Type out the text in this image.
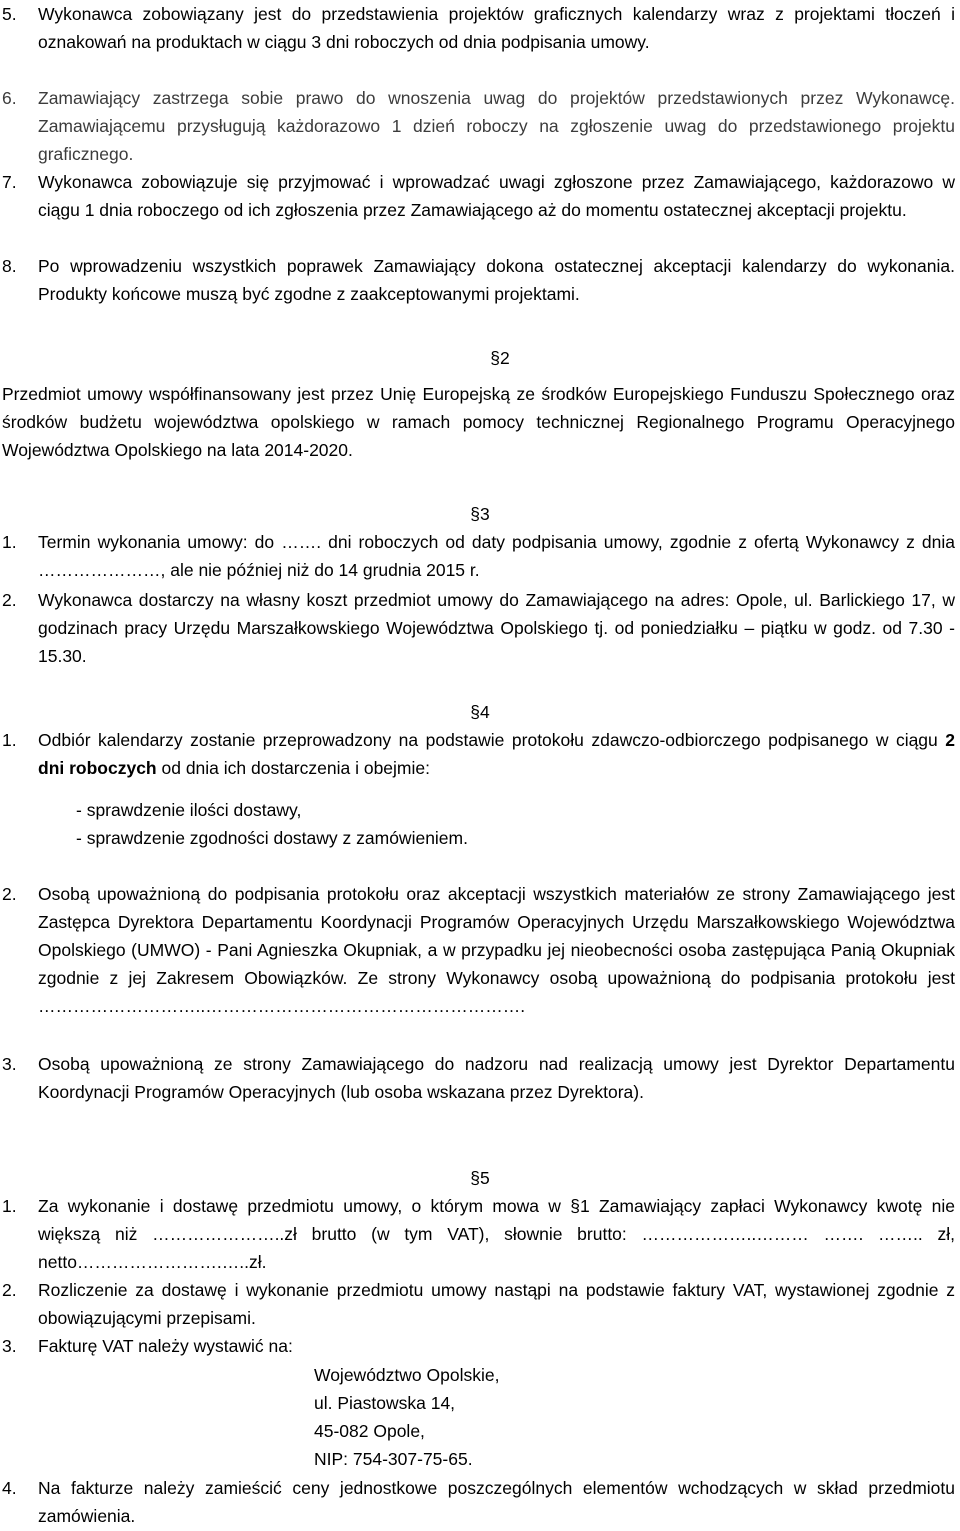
5. Wykonawca zobowiązany jest do przedstawienia projektów graficznych kalendarzy wraz z projektami tłoczeń i oznakowań na produktach w ciągu 3 dni roboczych od dnia podpisania umowy.
6. Zamawiający zastrzega sobie prawo do wnoszenia uwag do projektów przedstawionych przez Wykonawcę. Zamawiającemu przysługują każdorazowo 1 dzień roboczy na zgłoszenie uwag do przedstawionego projektu graficznego.
7. Wykonawca zobowiązuje się przyjmować i wprowadzać uwagi zgłoszone przez Zamawiającego, każdorazowo w ciągu 1 dnia roboczego od ich zgłoszenia przez Zamawiającego aż do momentu ostatecznej akceptacji projektu.
8. Po wprowadzeniu wszystkich poprawek Zamawiający dokona ostatecznej akceptacji kalendarzy do wykonania. Produkty końcowe muszą być zgodne z zaakceptowanymi projektami.
§2
Przedmiot umowy współfinansowany jest przez Unię Europejską ze środków Europejskiego Funduszu Społecznego oraz środków budżetu województwa opolskiego w ramach pomocy technicznej Regionalnego Programu Operacyjnego Województwa Opolskiego na lata 2014-2020.
§3
1. Termin wykonania umowy: do ……. dni roboczych od daty podpisania umowy, zgodnie z ofertą Wykonawcy z dnia …………………, ale nie później niż do 14 grudnia 2015 r.
2. Wykonawca dostarczy na własny koszt przedmiot umowy do Zamawiającego na adres: Opole, ul. Barlickiego 17, w godzinach pracy Urzędu Marszałkowskiego Województwa Opolskiego tj. od poniedziałku – piątku w godz. od 7.30 - 15.30.
§4
1. Odbiór kalendarzy zostanie przeprowadzony na podstawie protokołu zdawczo-odbiorczego podpisanego w ciągu 2 dni roboczych od dnia ich dostarczenia i obejmie:
- sprawdzenie ilości dostawy,
- sprawdzenie zgodności dostawy z zamówieniem.
2. Osobą upoważnioną do podpisania protokołu oraz akceptacji wszystkich materiałów ze strony Zamawiającego jest Zastępca Dyrektora Departamentu Koordynacji Programów Operacyjnych Urzędu Marszałkowskiego Województwa Opolskiego (UMWO) - Pani Agnieszka Okupniak, a w przypadku jej nieobecności osoba zastępująca Panią Okupniak zgodnie z jej Zakresem Obowiązków. Ze strony Wykonawcy osobą upoważnioną do podpisania protokołu jest ………………………..……………………………………………….
3. Osobą upoważnioną ze strony Zamawiającego do nadzoru nad realizacją umowy jest Dyrektor Departamentu Koordynacji Programów Operacyjnych (lub osoba wskazana przez Dyrektora).
§5
1. Za wykonanie i dostawę przedmiotu umowy, o którym mowa w §1 Zamawiający zapłaci Wykonawcy kwotę nie większą niż …………………..zł brutto (w tym VAT), słownie brutto: ………………..……… ……. …….. zł, netto…………………….…..zł.
2. Rozliczenie za dostawę i wykonanie przedmiotu umowy nastąpi na podstawie faktury VAT, wystawionej zgodnie z obowiązującymi przepisami.
3. Fakturę VAT należy wystawić na:
Województwo Opolskie,
ul. Piastowska 14,
45-082 Opole,
NIP: 754-307-75-65.
4. Na fakturze należy zamieścić ceny jednostkowe poszczególnych elementów wchodzących w skład przedmiotu zamówienia.
